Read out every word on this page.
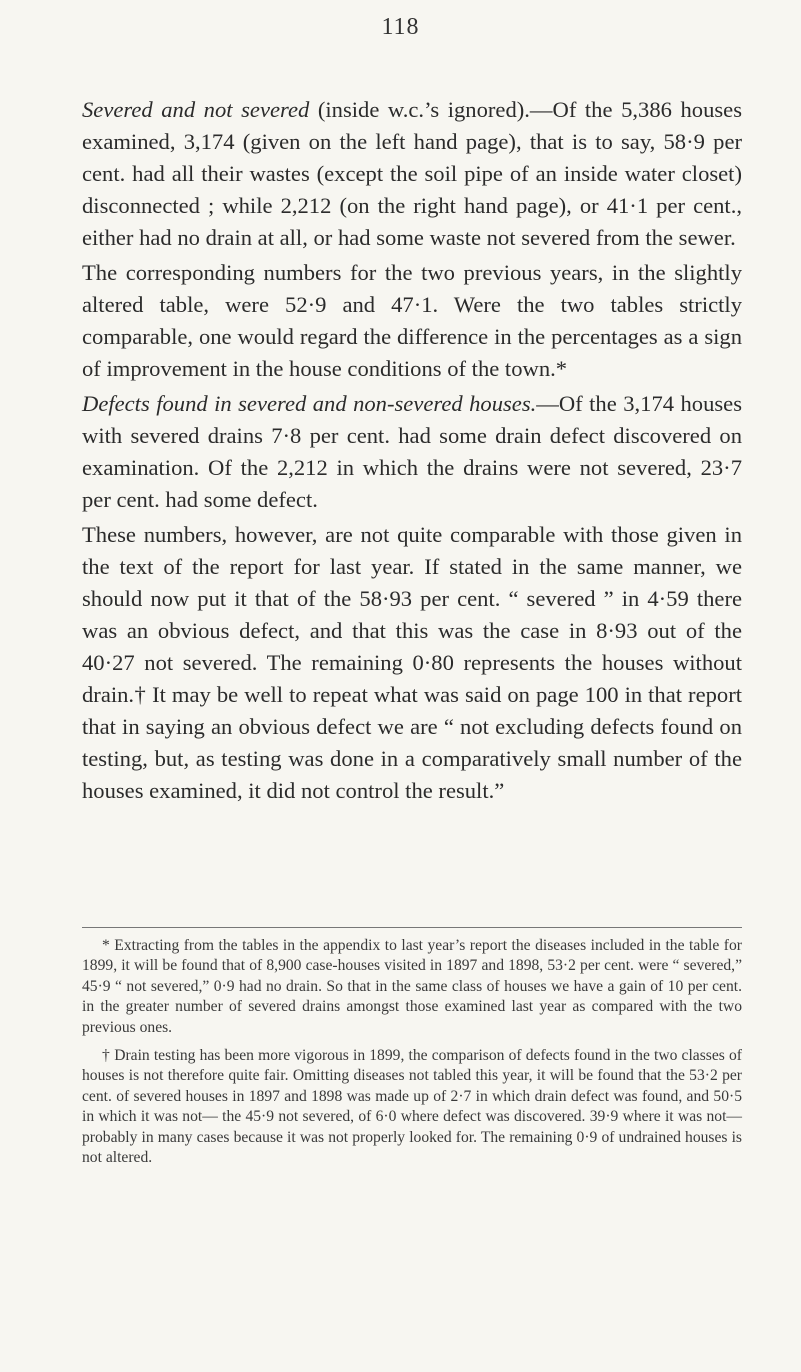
118

Severed and not severed (inside w.c.’s ignored).—Of the 5,386 houses examined, 3,174 (given on the left hand page), that is to say, 58·9 per cent. had all their wastes (except the soil pipe of an inside water closet) disconnected ; while 2,212 (on the right hand page), or 41·1 per cent., either had no drain at all, or had some waste not severed from the sewer.

The corresponding numbers for the two previous years, in the slightly altered table, were 52·9 and 47·1. Were the two tables strictly comparable, one would regard the difference in the percentages as a sign of improvement in the house conditions of the town.*

Defects found in severed and non-severed houses.—Of the 3,174 houses with severed drains 7·8 per cent. had some drain defect discovered on examination. Of the 2,212 in which the drains were not severed, 23·7 per cent. had some defect.

These numbers, however, are not quite comparable with those given in the text of the report for last year. If stated in the same manner, we should now put it that of the 58·93 per cent. “ severed ” in 4·59 there was an obvious defect, and that this was the case in 8·93 out of the 40·27 not severed. The remaining 0·80 represents the houses without drain.† It may be well to repeat what was said on page 100 in that report that in saying an obvious defect we are “ not excluding defects found on testing, but, as testing was done in a comparatively small number of the houses examined, it did not control the result.”

* Extracting from the tables in the appendix to last year’s report the diseases included in the table for 1899, it will be found that of 8,900 case-houses visited in 1897 and 1898, 53·2 per cent. were “ severed,” 45·9 “ not severed,” 0·9 had no drain. So that in the same class of houses we have a gain of 10 per cent. in the greater number of severed drains amongst those examined last year as compared with the two previous ones.

† Drain testing has been more vigorous in 1899, the comparison of defects found in the two classes of houses is not therefore quite fair. Omitting diseases not tabled this year, it will be found that the 53·2 per cent. of severed houses in 1897 and 1898 was made up of 2·7 in which drain defect was found, and 50·5 in which it was not— the 45·9 not severed, of 6·0 where defect was discovered. 39·9 where it was not— probably in many cases because it was not properly looked for. The remaining 0·9 of undrained houses is not altered.
